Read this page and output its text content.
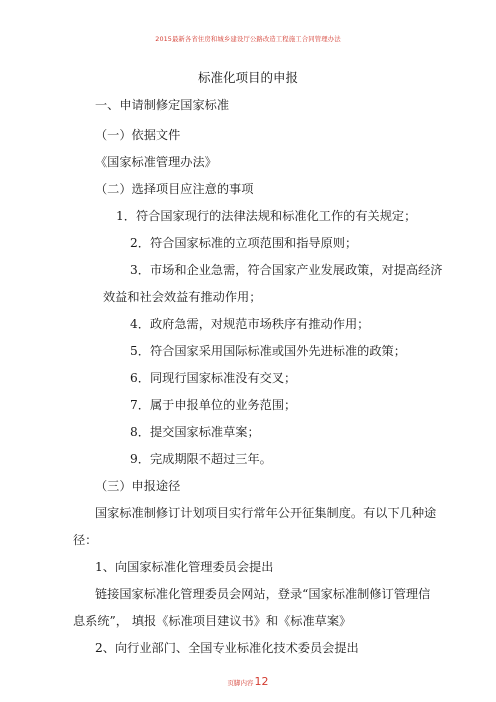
2015最新各省住房和城乡建设厅公路改造工程施工合同管理办法
标准化项目的申报
一、申请制修定国家标准
（一）依据文件
《国家标准管理办法》
（二）选择项目应注意的事项
1．符合国家现行的法律法规和标准化工作的有关规定；
2．符合国家标准的立项范围和指导原则；
3．市场和企业急需，符合国家产业发展政策，对提高经济
效益和社会效益有推动作用；
4．政府急需，对规范市场秩序有推动作用；
5．符合国家采用国际标准或国外先进标准的政策；
6．同现行国家标准没有交叉；
7．属于申报单位的业务范围；
8．提交国家标准草案；
9．完成期限不超过三年。
（三）申报途径
国家标准制修订计划项目实行常年公开征集制度。有以下几种途
径：
1、向国家标准化管理委员会提出
链接国家标准化管理委员会网站，登录“国家标准制修订管理信
息系统”， 填报《标准项目建议书》和《标准草案》
2、向行业部门、全国专业标准化技术委员会提出
页脚内容12
